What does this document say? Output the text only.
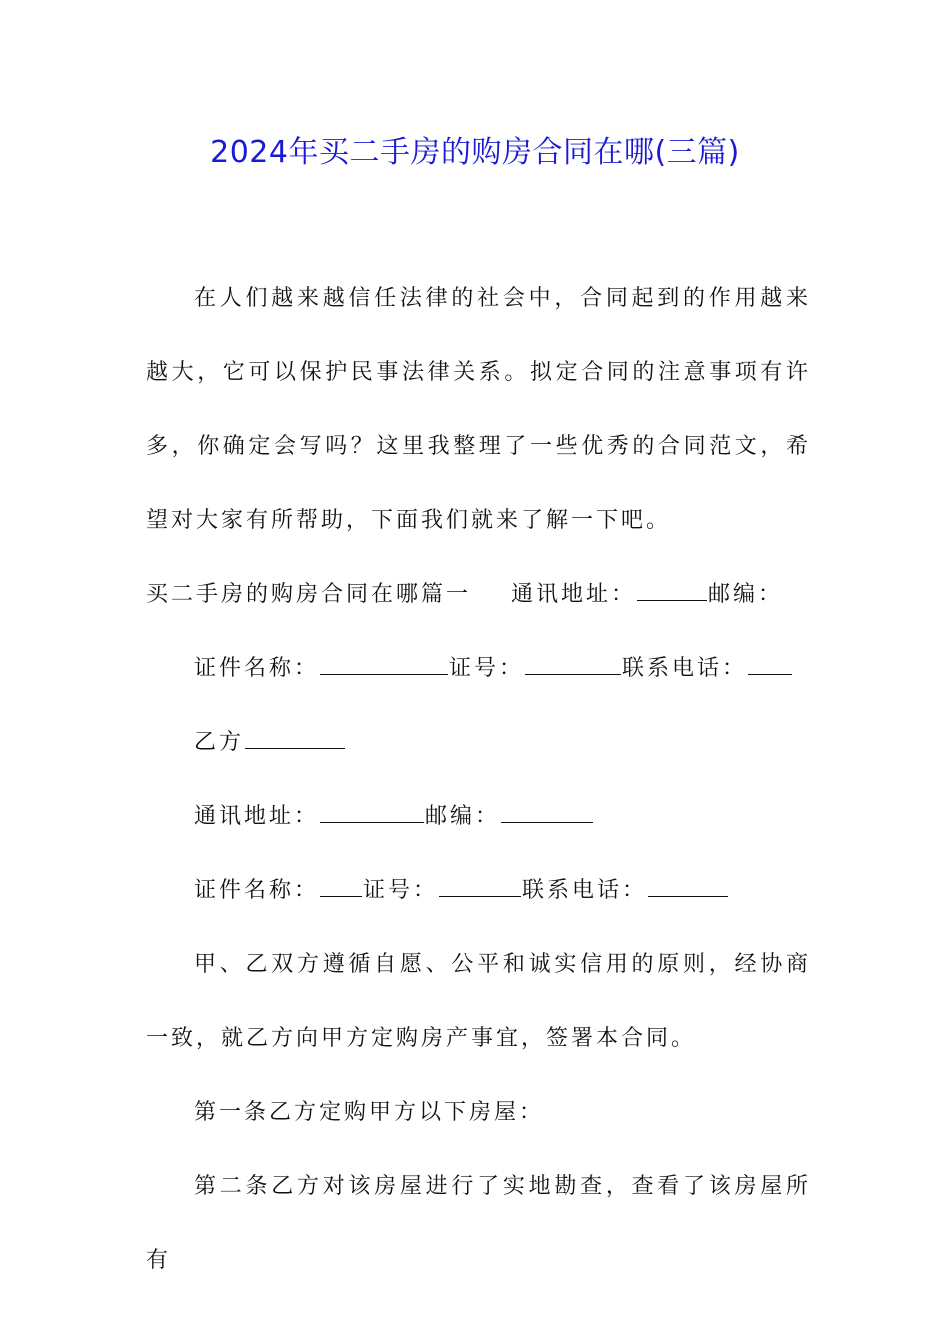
2024年买二手房的购房合同在哪(三篇)

在人们越来越信任法律的社会中，合同起到的作用越来越大，它可以保护民事法律关系。拟定合同的注意事项有许多，你确定会写吗？这里我整理了一些优秀的合同范文，希望对大家有所帮助，下面我们就来了解一下吧。

买二手房的购房合同在哪篇一 通讯地址：	邮编：

证件名称：	证号：	联系电话：

乙方

通讯地址：	邮编：

证件名称： 证号：	联系电话：

甲、乙双方遵循自愿、公平和诚实信用的原则，经协商一致，就乙方向甲方定购房产事宜，签署本合同。

第一条乙方定购甲方以下房屋：

第二条乙方对该房屋进行了实地勘查，查看了该房屋所有
